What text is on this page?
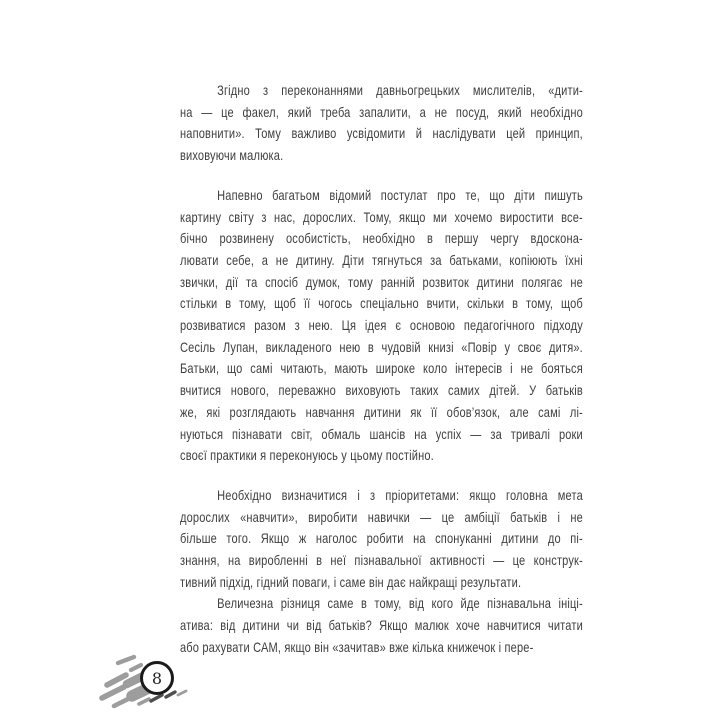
Згідно з переконаннями давньогрецьких мислителів, «дити-
на — це факел, який треба запалити, а не посуд, який необхідно
наповнити». Тому важливо усвідомити й наслідувати цей принцип,
виховуючи малюка.
Напевно багатьом відомий постулат про те, що діти пишуть
картину світу з нас, дорослих. Тому, якщо ми хочемо виростити все-
бічно розвинену особистість, необхідно в першу чергу вдоскона-
лювати себе, а не дитину. Діти тягнуться за батьками, копіюють їхні
звички, дії та спосіб думок, тому ранній розвиток дитини полягає не
стільки в тому, щоб її чогось спеціально вчити, скільки в тому, щоб
розвиватися разом з нею. Ця ідея є основою педагогічного підходу
Сесіль Лупан, викладеного нею в чудовій книзі «Повір у своє дитя».
Батьки, що самі читають, мають широке коло інтересів і не бояться
вчитися нового, переважно виховують таких самих дітей. У батьків
же, які розглядають навчання дитини як її обов’язок, але самі лі-
нуються пізнавати світ, обмаль шансів на успіх — за тривалі роки
своєї практики я переконуюсь у цьому постійно.
Необхідно визначитися і з пріоритетами: якщо головна мета
дорослих «навчити», виробити навички — це амбіції батьків і не
більше того. Якщо ж наголос робити на спонуканні дитини до пі-
знання, на виробленні в неї пізнавальної активності — це конструк-
тивний підхід, гідний поваги, і саме він дає найкращі результати.
Величезна різниця саме в тому, від кого йде пізнавальна ініці-
атива: від дитини чи від батьків? Якщо малюк хоче навчитися читати
або рахувати САМ, якщо він «зачитав» вже кілька книжечок і пере-
8
